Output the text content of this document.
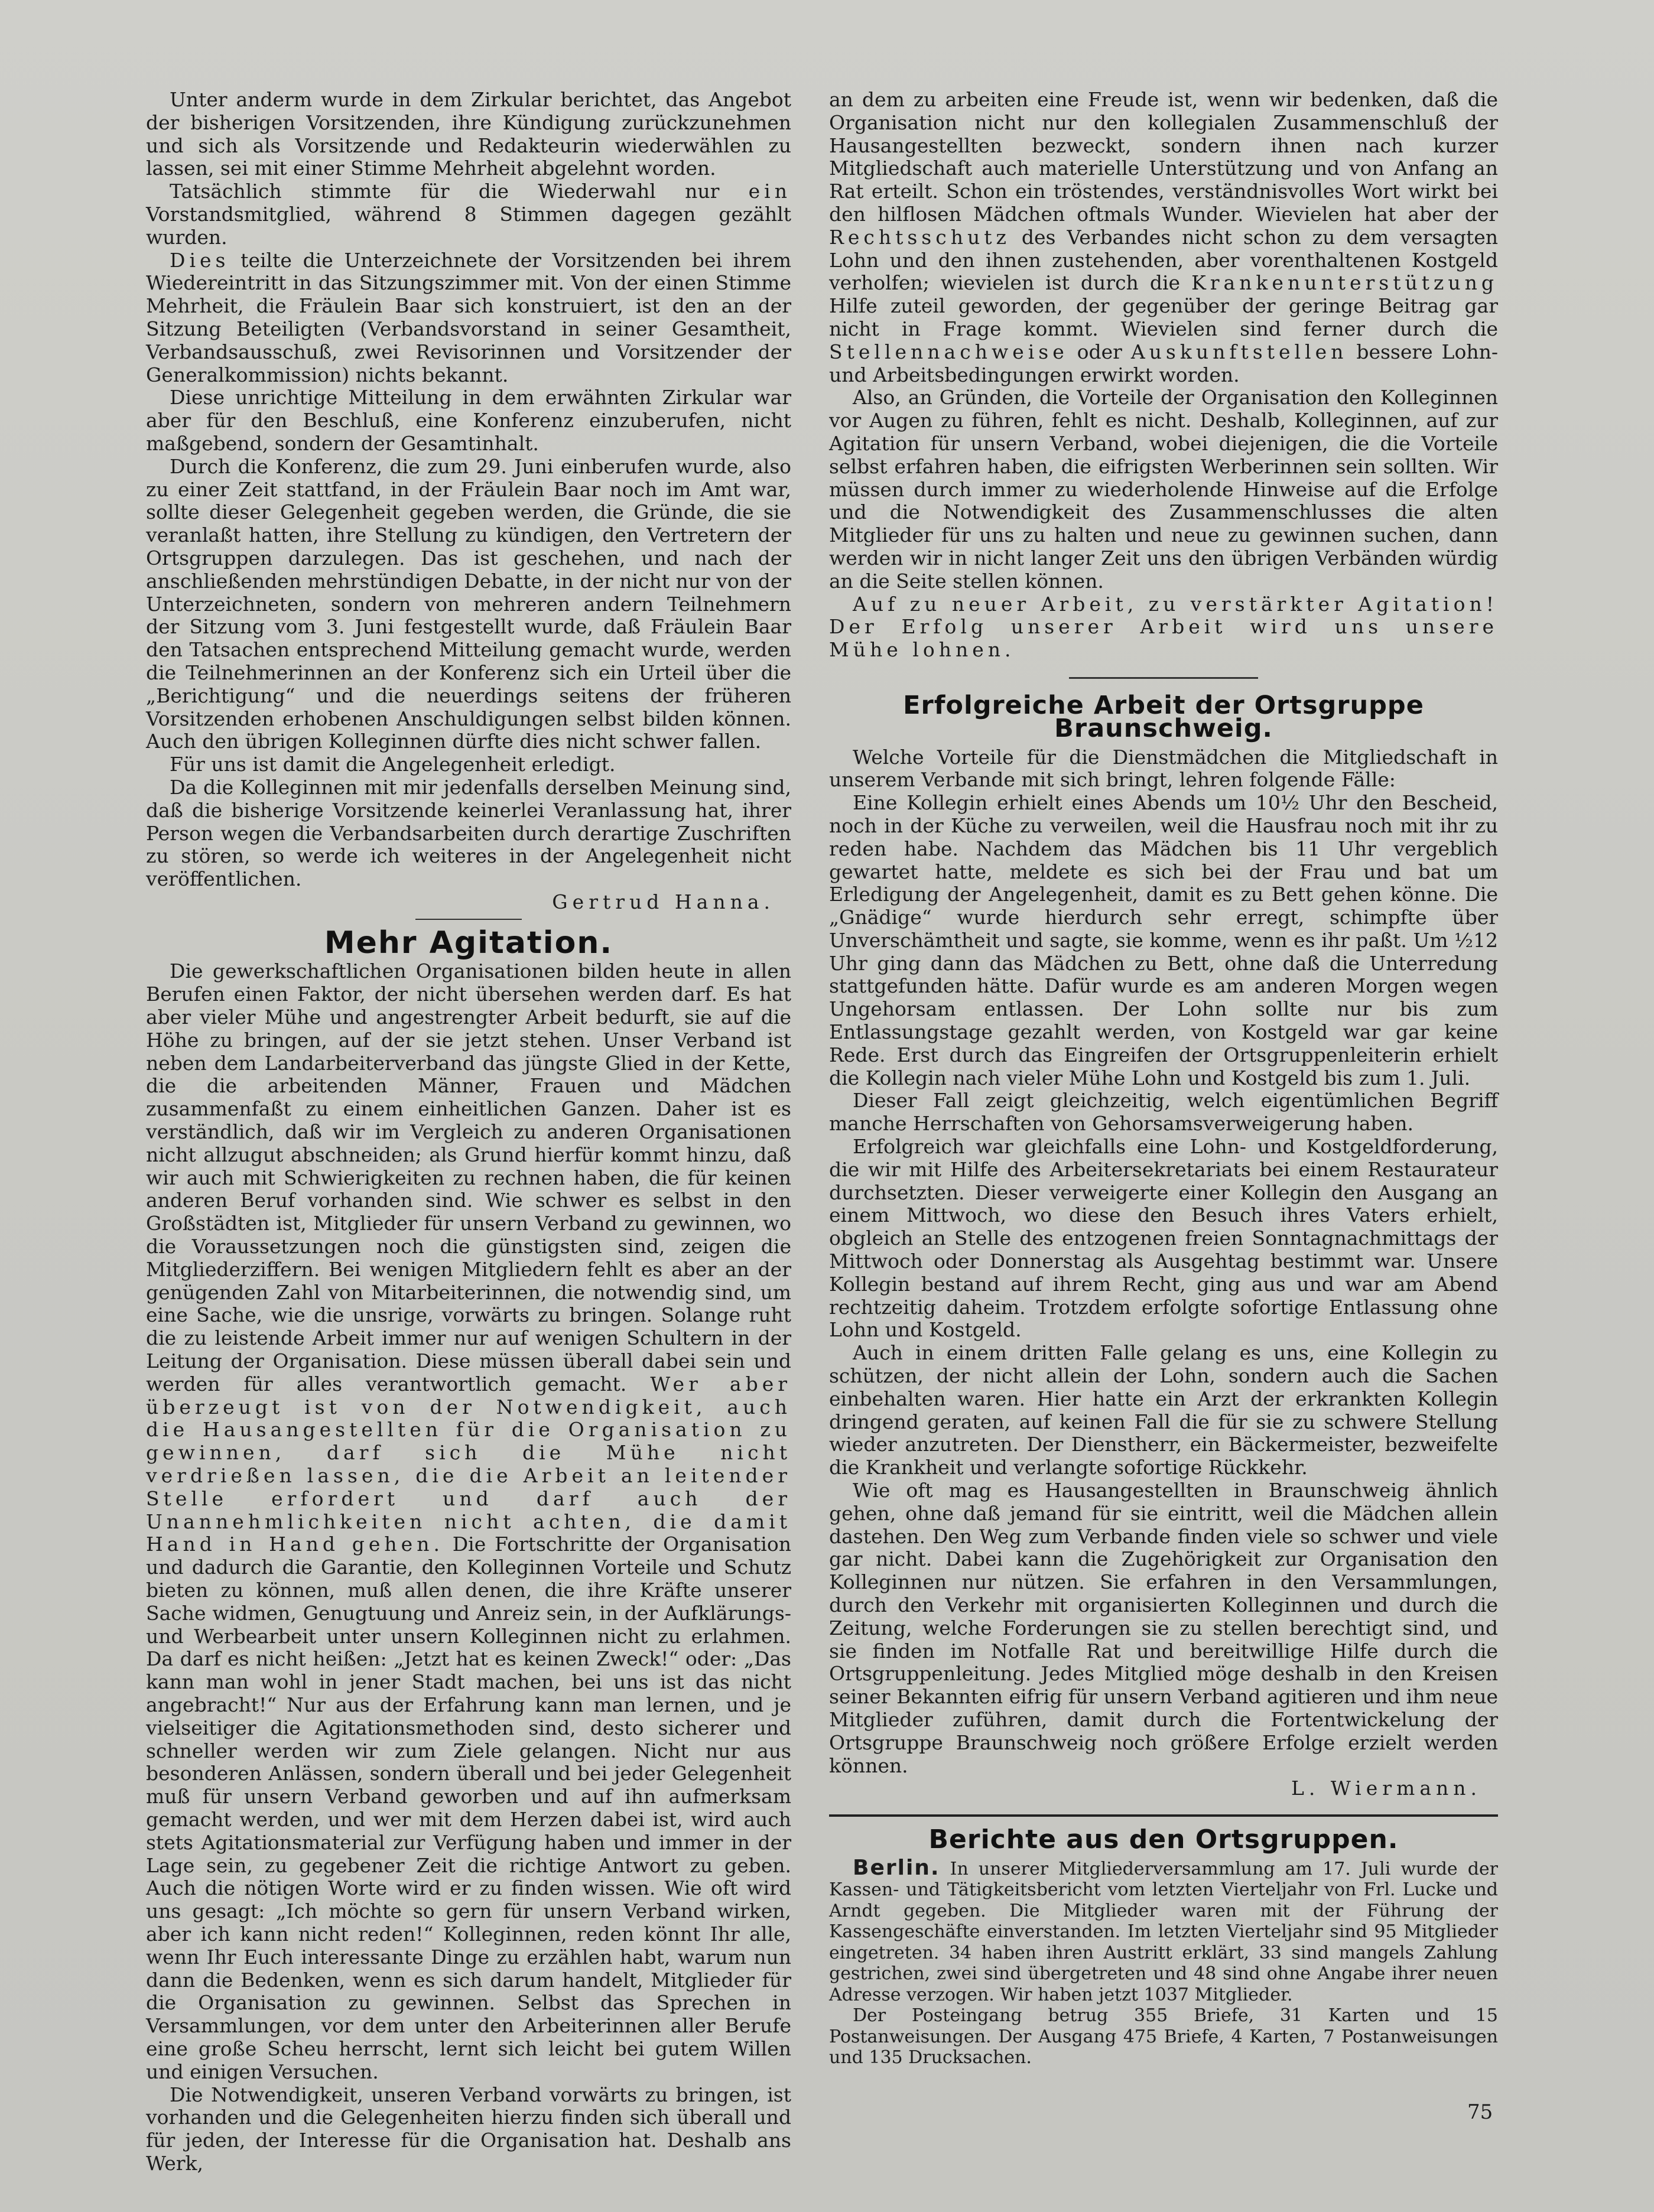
Unter anderm wurde in dem Zirkular berichtet, das Angebot der bisherigen Vorsitzenden, ihre Kündigung zurückzunehmen und sich als Vorsitzende und Redakteurin wiederwählen zu lassen, sei mit einer Stimme Mehrheit abgelehnt worden.

Tatsächlich stimmte für die Wiederwahl nur ein Vorstandsmitglied, während 8 Stimmen dagegen gezählt wurden.

Dies teilte die Unterzeichnete der Vorsitzenden bei ihrem Wiedereintritt in das Sitzungszimmer mit. Von der einen Stimme Mehrheit, die Fräulein Baar sich konstruiert, ist den an der Sitzung Beteiligten (Verbandsvorstand in seiner Gesamtheit, Verbandsausschuß, zwei Revisorinnen und Vorsitzender der Generalkommission) nichts bekannt.

Diese unrichtige Mitteilung in dem erwähnten Zirkular war aber für den Beschluß, eine Konferenz einzuberufen, nicht maßgebend, sondern der Gesamtinhalt.

Durch die Konferenz, die zum 29. Juni einberufen wurde, also zu einer Zeit stattfand, in der Fräulein Baar noch im Amt war, sollte dieser Gelegenheit gegeben werden, die Gründe, die sie veranlaßt hatten, ihre Stellung zu kündigen, den Vertretern der Ortsgruppen darzulegen. Das ist geschehen, und nach der anschließenden mehrstündigen Debatte, in der nicht nur von der Unterzeichneten, sondern von mehreren andern Teilnehmern der Sitzung vom 3. Juni festgestellt wurde, daß Fräulein Baar den Tatsachen entsprechend Mitteilung gemacht wurde, werden die Teilnehmerinnen an der Konferenz sich ein Urteil über die „Berichtigung“ und die neuerdings seitens der früheren Vorsitzenden erhobenen Anschuldigungen selbst bilden können. Auch den übrigen Kolleginnen dürfte dies nicht schwer fallen.

Für uns ist damit die Angelegenheit erledigt.

Da die Kolleginnen mit mir jedenfalls derselben Meinung sind, daß die bisherige Vorsitzende keinerlei Veranlassung hat, ihrer Person wegen die Verbandsarbeiten durch derartige Zuschriften zu stören, so werde ich weiteres in der Angelegenheit nicht veröffentlichen.

Gertrud Hanna.

Mehr Agitation.

Die gewerkschaftlichen Organisationen bilden heute in allen Berufen einen Faktor, der nicht übersehen werden darf. Es hat aber vieler Mühe und angestrengter Arbeit bedurft, sie auf die Höhe zu bringen, auf der sie jetzt stehen. Unser Verband ist neben dem Landarbeiterverband das jüngste Glied in der Kette, die die arbeitenden Männer, Frauen und Mädchen zusammenfaßt zu einem einheitlichen Ganzen. Daher ist es verständlich, daß wir im Vergleich zu anderen Organisationen nicht allzugut abschneiden; als Grund hierfür kommt hinzu, daß wir auch mit Schwierigkeiten zu rechnen haben, die für keinen anderen Beruf vorhanden sind. Wie schwer es selbst in den Großstädten ist, Mitglieder für unsern Verband zu gewinnen, wo die Voraussetzungen noch die günstigsten sind, zeigen die Mitgliederziffern. Bei wenigen Mitgliedern fehlt es aber an der genügenden Zahl von Mitarbeiterinnen, die notwendig sind, um eine Sache, wie die unsrige, vorwärts zu bringen. Solange ruht die zu leistende Arbeit immer nur auf wenigen Schultern in der Leitung der Organisation. Diese müssen überall dabei sein und werden für alles verantwortlich gemacht. Wer aber überzeugt ist von der Notwendigkeit, auch die Hausangestellten für die Organisation zu gewinnen, darf sich die Mühe nicht verdrießen lassen, die die Arbeit an leitender Stelle erfordert und darf auch der Unannehmlichkeiten nicht achten, die damit Hand in Hand gehen. Die Fortschritte der Organisation und dadurch die Garantie, den Kolleginnen Vorteile und Schutz bieten zu können, muß allen denen, die ihre Kräfte unserer Sache widmen, Genugtuung und Anreiz sein, in der Aufklärungs- und Werbearbeit unter unsern Kolleginnen nicht zu erlahmen. Da darf es nicht heißen: „Jetzt hat es keinen Zweck!“ oder: „Das kann man wohl in jener Stadt machen, bei uns ist das nicht angebracht!“ Nur aus der Erfahrung kann man lernen, und je vielseitiger die Agitationsmethoden sind, desto sicherer und schneller werden wir zum Ziele gelangen. Nicht nur aus besonderen Anlässen, sondern überall und bei jeder Gelegenheit muß für unsern Verband geworben und auf ihn aufmerksam gemacht werden, und wer mit dem Herzen dabei ist, wird auch stets Agitationsmaterial zur Verfügung haben und immer in der Lage sein, zu gegebener Zeit die richtige Antwort zu geben. Auch die nötigen Worte wird er zu finden wissen. Wie oft wird uns gesagt: „Ich möchte so gern für unsern Verband wirken, aber ich kann nicht reden!“ Kolleginnen, reden könnt Ihr alle, wenn Ihr Euch interessante Dinge zu erzählen habt, warum nun dann die Bedenken, wenn es sich darum handelt, Mitglieder für die Organisation zu gewinnen. Selbst das Sprechen in Versammlungen, vor dem unter den Arbeiterinnen aller Berufe eine große Scheu herrscht, lernt sich leicht bei gutem Willen und einigen Versuchen.

Die Notwendigkeit, unseren Verband vorwärts zu bringen, ist vorhanden und die Gelegenheiten hierzu finden sich überall und für jeden, der Interesse für die Organisation hat. Deshalb ans Werk,

an dem zu arbeiten eine Freude ist, wenn wir bedenken, daß die Organisation nicht nur den kollegialen Zusammenschluß der Hausangestellten bezweckt, sondern ihnen nach kurzer Mitgliedschaft auch materielle Unterstützung und von Anfang an Rat erteilt. Schon ein tröstendes, verständnisvolles Wort wirkt bei den hilflosen Mädchen oftmals Wunder. Wievielen hat aber der Rechtsschutz des Verbandes nicht schon zu dem versagten Lohn und den ihnen zustehenden, aber vorenthaltenen Kostgeld verholfen; wievielen ist durch die Krankenunterstützung Hilfe zuteil geworden, der gegenüber der geringe Beitrag gar nicht in Frage kommt. Wievielen sind ferner durch die Stellennachweise oder Auskunftstellen bessere Lohn- und Arbeitsbedingungen erwirkt worden.

Also, an Gründen, die Vorteile der Organisation den Kolleginnen vor Augen zu führen, fehlt es nicht. Deshalb, Kolleginnen, auf zur Agitation für unsern Verband, wobei diejenigen, die die Vorteile selbst erfahren haben, die eifrigsten Werberinnen sein sollten. Wir müssen durch immer zu wiederholende Hinweise auf die Erfolge und die Notwendigkeit des Zusammenschlusses die alten Mitglieder für uns zu halten und neue zu gewinnen suchen, dann werden wir in nicht langer Zeit uns den übrigen Verbänden würdig an die Seite stellen können.

Auf zu neuer Arbeit, zu verstärkter Agitation! Der Erfolg unserer Arbeit wird uns unsere Mühe lohnen.

Erfolgreiche Arbeit der Ortsgruppe Braunschweig.

Welche Vorteile für die Dienstmädchen die Mitgliedschaft in unserem Verbande mit sich bringt, lehren folgende Fälle:

Eine Kollegin erhielt eines Abends um 10½ Uhr den Bescheid, noch in der Küche zu verweilen, weil die Hausfrau noch mit ihr zu reden habe. Nachdem das Mädchen bis 11 Uhr vergeblich gewartet hatte, meldete es sich bei der Frau und bat um Erledigung der Angelegenheit, damit es zu Bett gehen könne. Die „Gnädige“ wurde hierdurch sehr erregt, schimpfte über Unverschämtheit und sagte, sie komme, wenn es ihr paßt. Um ½12 Uhr ging dann das Mädchen zu Bett, ohne daß die Unterredung stattgefunden hätte. Dafür wurde es am anderen Morgen wegen Ungehorsam entlassen. Der Lohn sollte nur bis zum Entlassungstage gezahlt werden, von Kostgeld war gar keine Rede. Erst durch das Eingreifen der Ortsgruppenleiterin erhielt die Kollegin nach vieler Mühe Lohn und Kostgeld bis zum 1. Juli.

Dieser Fall zeigt gleichzeitig, welch eigentümlichen Begriff manche Herrschaften von Gehorsamsverweigerung haben.

Erfolgreich war gleichfalls eine Lohn- und Kostgeldforderung, die wir mit Hilfe des Arbeitersekretariats bei einem Restaurateur durchsetzten. Dieser verweigerte einer Kollegin den Ausgang an einem Mittwoch, wo diese den Besuch ihres Vaters erhielt, obgleich an Stelle des entzogenen freien Sonntagnachmittags der Mittwoch oder Donnerstag als Ausgehtag bestimmt war. Unsere Kollegin bestand auf ihrem Recht, ging aus und war am Abend rechtzeitig daheim. Trotzdem erfolgte sofortige Entlassung ohne Lohn und Kostgeld.

Auch in einem dritten Falle gelang es uns, eine Kollegin zu schützen, der nicht allein der Lohn, sondern auch die Sachen einbehalten waren. Hier hatte ein Arzt der erkrankten Kollegin dringend geraten, auf keinen Fall die für sie zu schwere Stellung wieder anzutreten. Der Dienstherr, ein Bäckermeister, bezweifelte die Krankheit und verlangte sofortige Rückkehr.

Wie oft mag es Hausangestellten in Braunschweig ähnlich gehen, ohne daß jemand für sie eintritt, weil die Mädchen allein dastehen. Den Weg zum Verbande finden viele so schwer und viele gar nicht. Dabei kann die Zugehörigkeit zur Organisation den Kolleginnen nur nützen. Sie erfahren in den Versammlungen, durch den Verkehr mit organisierten Kolleginnen und durch die Zeitung, welche Forderungen sie zu stellen berechtigt sind, und sie finden im Notfalle Rat und bereitwillige Hilfe durch die Ortsgruppenleitung. Jedes Mitglied möge deshalb in den Kreisen seiner Bekannten eifrig für unsern Verband agitieren und ihm neue Mitglieder zuführen, damit durch die Fortentwickelung der Ortsgruppe Braunschweig noch größere Erfolge erzielt werden können.

L. Wiermann.

Berichte aus den Ortsgruppen.

Berlin. In unserer Mitgliederversammlung am 17. Juli wurde der Kassen- und Tätigkeitsbericht vom letzten Vierteljahr von Frl. Lucke und Arndt gegeben. Die Mitglieder waren mit der Führung der Kassengeschäfte einverstanden. Im letzten Vierteljahr sind 95 Mitglieder eingetreten. 34 haben ihren Austritt erklärt, 33 sind mangels Zahlung gestrichen, zwei sind übergetreten und 48 sind ohne Angabe ihrer neuen Adresse verzogen. Wir haben jetzt 1037 Mitglieder.

Der Posteingang betrug 355 Briefe, 31 Karten und 15 Postanweisungen. Der Ausgang 475 Briefe, 4 Karten, 7 Postanweisungen und 135 Drucksachen.

75
